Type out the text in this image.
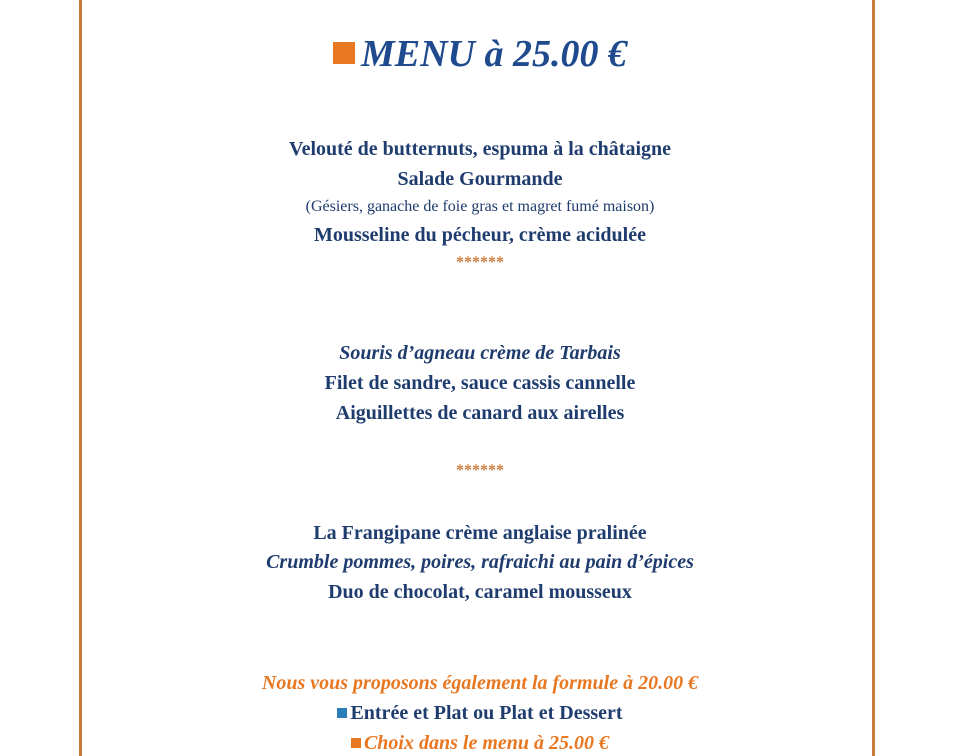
MENU à 25.00 €
Velouté de butternuts, espuma à la châtaigne
Salade Gourmande
(Gésiers, ganache de foie gras et magret fumé maison)
Mousseline du pécheur, crème acidulée
******
Souris d’agneau crème de Tarbais
Filet de sandre, sauce cassis cannelle
Aiguillettes de canard aux airelles
******
La Frangipane crème anglaise pralinée
Crumble pommes, poires, rafraichi au pain d’épices
Duo de chocolat, caramel mousseux
Nous vous proposons également la formule à 20.00 €
Entrée et Plat ou Plat et Dessert
Choix dans le menu à 25.00 €
